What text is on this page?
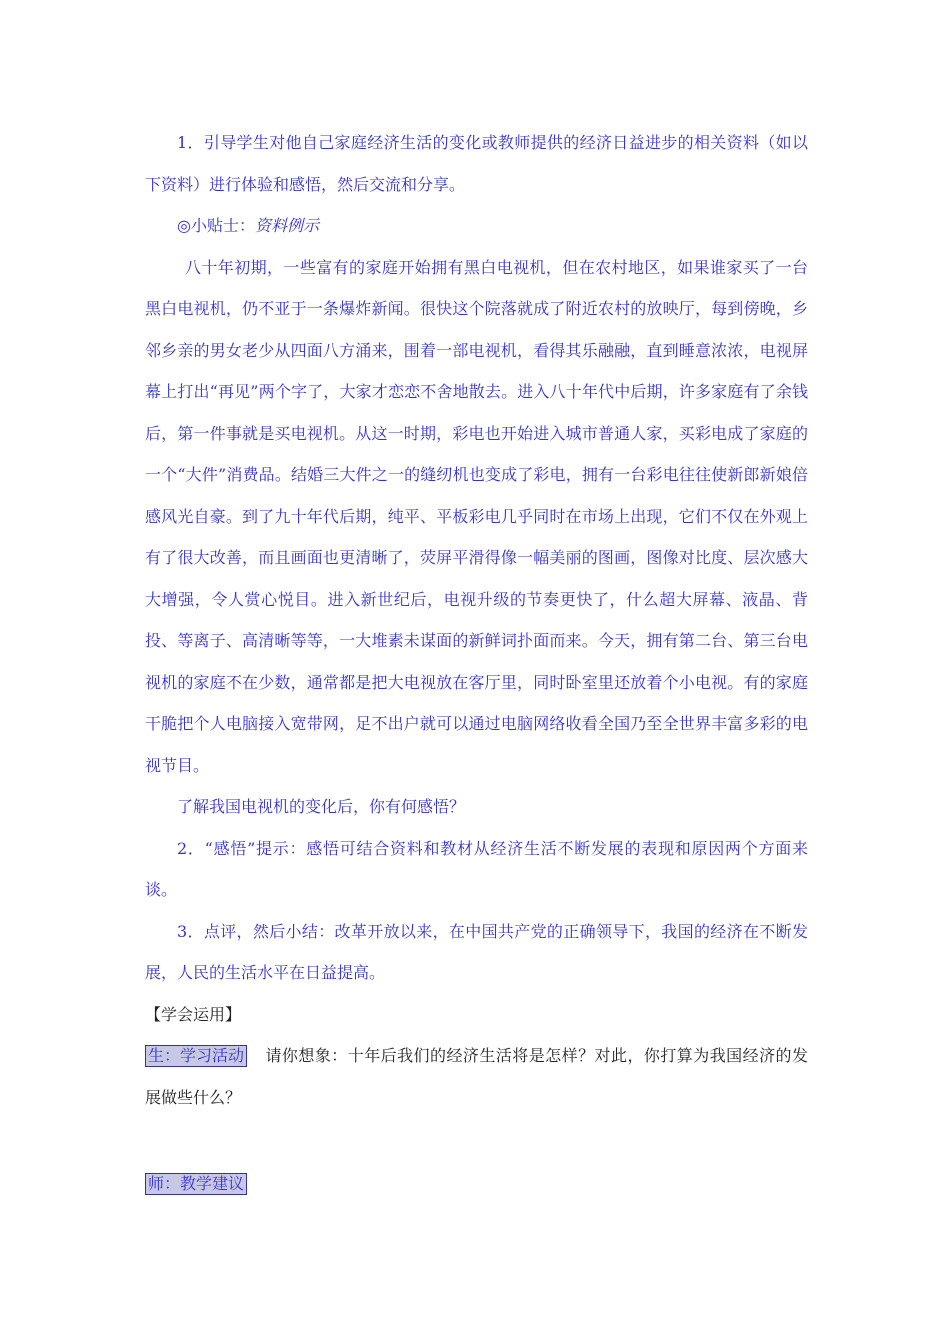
1．引导学生对他自己家庭经济生活的变化或教师提供的经济日益进步的相关资料（如以下资料）进行体验和感悟，然后交流和分享。

◎小贴士：资料例示

八十年初期，一些富有的家庭开始拥有黑白电视机，但在农村地区，如果谁家买了一台黑白电视机，仍不亚于一条爆炸新闻。很快这个院落就成了附近农村的放映厅，每到傍晚，乡邻乡亲的男女老少从四面八方涌来，围着一部电视机，看得其乐融融，直到睡意浓浓，电视屏幕上打出“再见”两个字了，大家才恋恋不舍地散去。进入八十年代中后期，许多家庭有了余钱后，第一件事就是买电视机。从这一时期，彩电也开始进入城市普通人家，买彩电成了家庭的一个“大件”消费品。结婚三大件之一的缝纫机也变成了彩电，拥有一台彩电往往使新郎新娘倍感风光自豪。到了九十年代后期，纯平、平板彩电几乎同时在市场上出现，它们不仅在外观上有了很大改善，而且画面也更清晰了，荧屏平滑得像一幅美丽的图画，图像对比度、层次感大大增强，令人赏心悦目。进入新世纪后，电视升级的节奏更快了，什么超大屏幕、液晶、背投、等离子、高清晰等等，一大堆素未谋面的新鲜词扑面而来。今天，拥有第二台、第三台电视机的家庭不在少数，通常都是把大电视放在客厅里，同时卧室里还放着个小电视。有的家庭干脆把个人电脑接入宽带网，足不出户就可以通过电脑网络收看全国乃至全世界丰富多彩的电视节目。

了解我国电视机的变化后，你有何感悟？

2．“感悟”提示：感悟可结合资料和教材从经济生活不断发展的表现和原因两个方面来谈。

3．点评，然后小结：改革开放以来，在中国共产党的正确领导下，我国的经济在不断发展，人民的生活水平在日益提高。

【学会运用】

生：学习活动 请你想象：十年后我们的经济生活将是怎样？对此，你打算为我国经济的发展做些什么？

师：教学建议
